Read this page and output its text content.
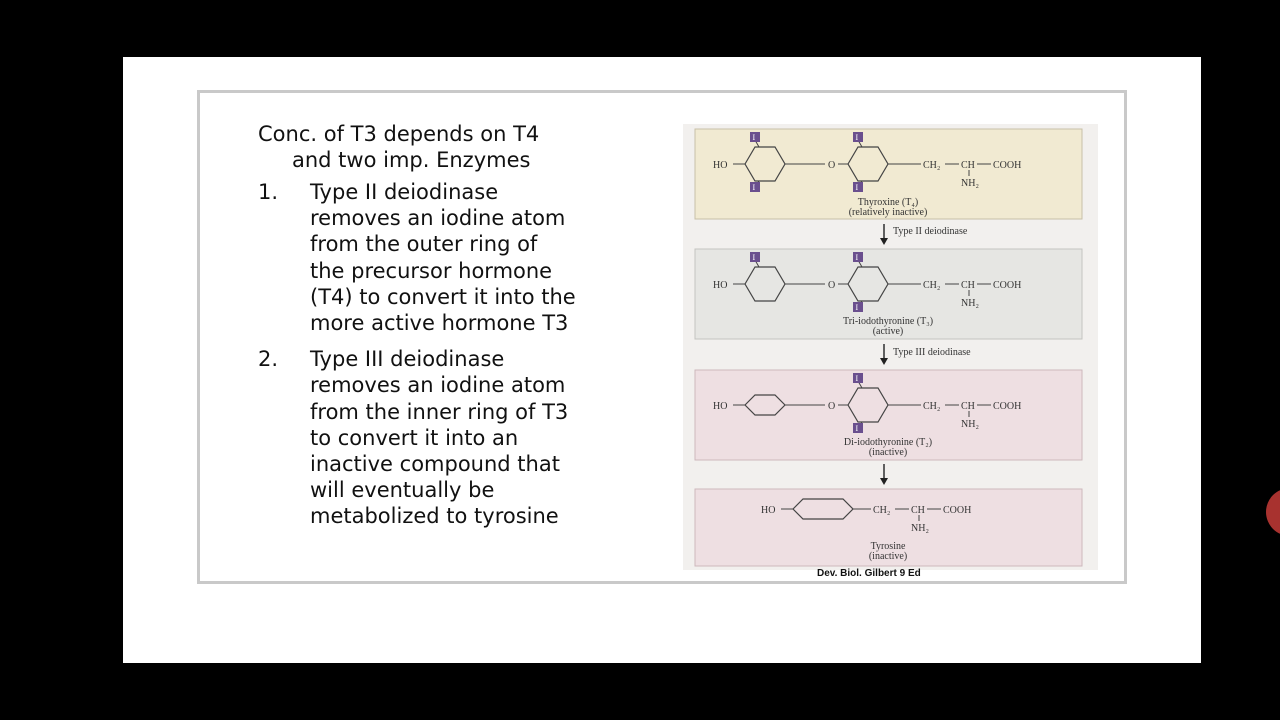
Conc. of T3 depends on T4
and two imp. Enzymes
1. Type II deiodinase
removes an iodine atom
from the outer ring of
the precursor hormone
(T4) to convert it into the
more active hormone T3
2. Type III deiodinase
removes an iodine atom
from the inner ring of T3
to convert it into an
inactive compound that
will eventually be
metabolized to tyrosine
HO	O	CH₂ CH COOH
NH₂
I
I
I
I
Thyroxine (T₄)
(relatively inactive)
Type II deiodinase
HO	O	CH₂ CH COOH
NH₂
I	I
I
Tri-iodothyronine (T₃)
(active)
Type III deiodinase
HO	O	CH₂ CH COOH
NH₂
I
I
Di-iodothyronine (T₂)
(inactive)
HO	CH₂ CH COOH
NH₂
Tyrosine
(inactive)
Dev. Biol. Gilbert 9 Ed
